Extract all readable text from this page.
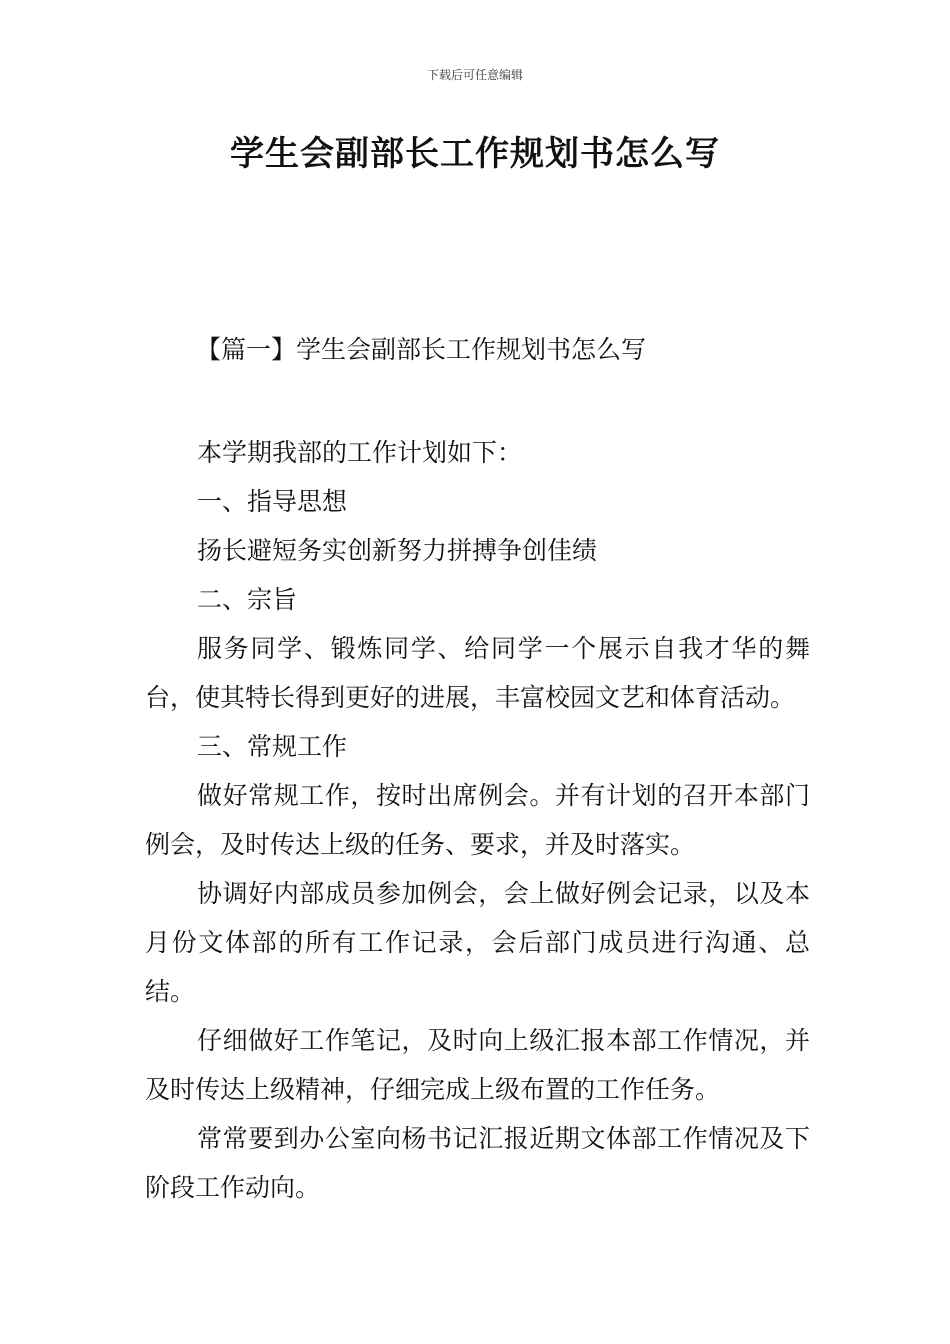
下载后可任意编辑
学生会副部长工作规划书怎么写
【篇一】学生会副部长工作规划书怎么写

本学期我部的工作计划如下：

一、指导思想

扬长避短务实创新努力拼搏争创佳绩

二、宗旨

服务同学、锻炼同学、给同学一个展示自我才华的舞台，使其特长得到更好的进展，丰富校园文艺和体育活动。

三、常规工作

做好常规工作，按时出席例会。并有计划的召开本部门例会，及时传达上级的任务、要求，并及时落实。

协调好内部成员参加例会，会上做好例会记录，以及本月份文体部的所有工作记录，会后部门成员进行沟通、总结。

仔细做好工作笔记，及时向上级汇报本部工作情况，并及时传达上级精神，仔细完成上级布置的工作任务。

常常要到办公室向杨书记汇报近期文体部工作情况及下阶段工作动向。
